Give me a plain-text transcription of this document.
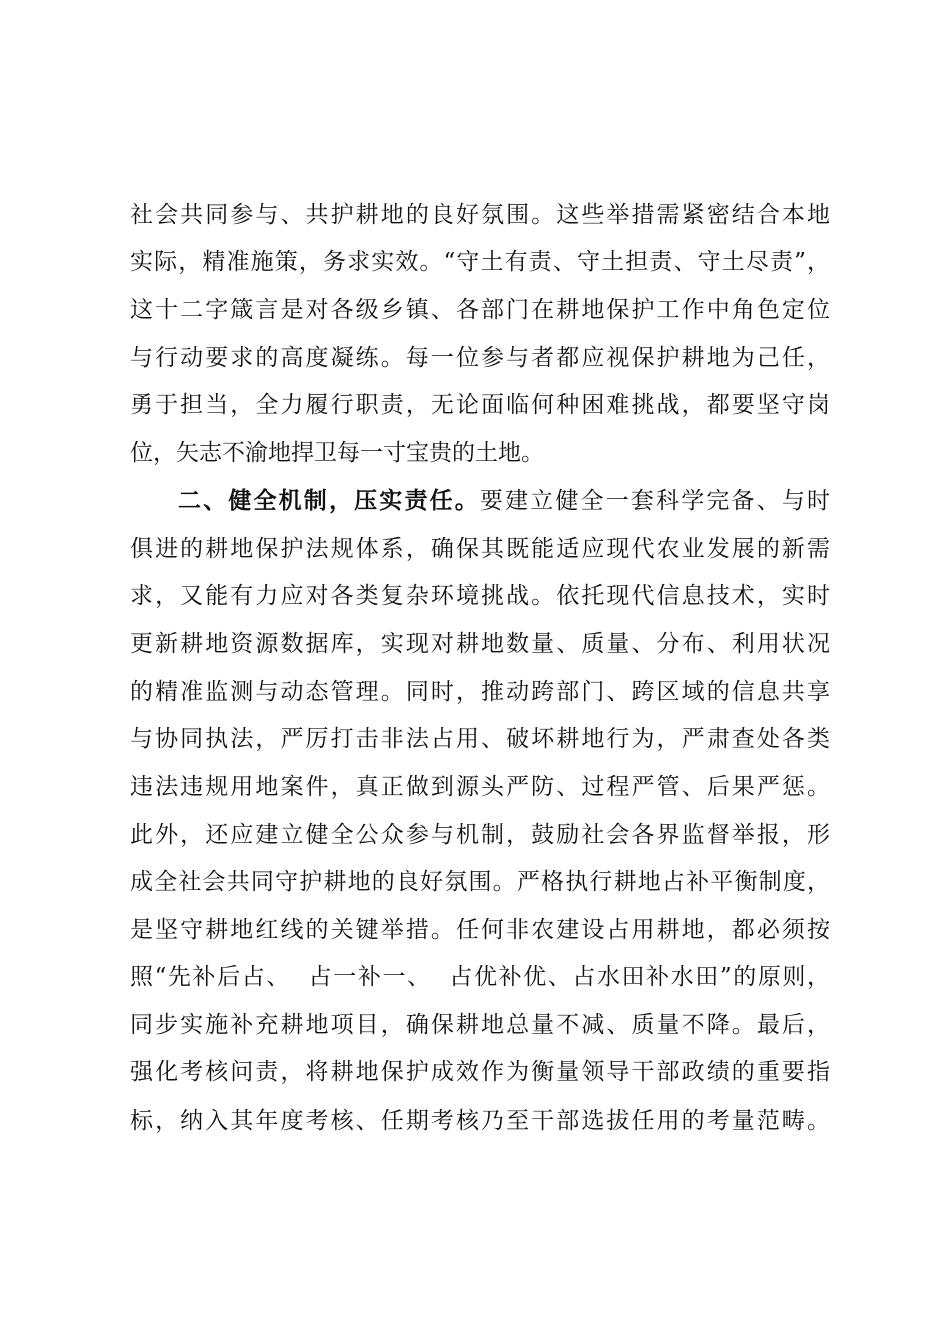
社会共同参与、共护耕地的良好氛围。这些举措需紧密结合本地
实际，精准施策，务求实效。“守土有责、守土担责、守土尽责”，
这十二字箴言是对各级乡镇、各部门在耕地保护工作中角色定位
与行动要求的高度凝练。每一位参与者都应视保护耕地为己任，
勇于担当，全力履行职责，无论面临何种困难挑战，都要坚守岗
位，矢志不渝地捍卫每一寸宝贵的土地。
二、健全机制，压实责任。要建立健全一套科学完备、与时
俱进的耕地保护法规体系，确保其既能适应现代农业发展的新需
求，又能有力应对各类复杂环境挑战。依托现代信息技术，实时
更新耕地资源数据库，实现对耕地数量、质量、分布、利用状况
的精准监测与动态管理。同时，推动跨部门、跨区域的信息共享
与协同执法，严厉打击非法占用、破坏耕地行为，严肃查处各类
违法违规用地案件，真正做到源头严防、过程严管、后果严惩。
此外，还应建立健全公众参与机制，鼓励社会各界监督举报，形
成全社会共同守护耕地的良好氛围。严格执行耕地占补平衡制度，
是坚守耕地红线的关键举措。任何非农建设占用耕地，都必须按
照“先补后占、  占一补一、  占优补优、占水田补水田”的原则，
同步实施补充耕地项目，确保耕地总量不减、质量不降。最后，
强化考核问责，将耕地保护成效作为衡量领导干部政绩的重要指
标，纳入其年度考核、任期考核乃至干部选拔任用的考量范畴。
